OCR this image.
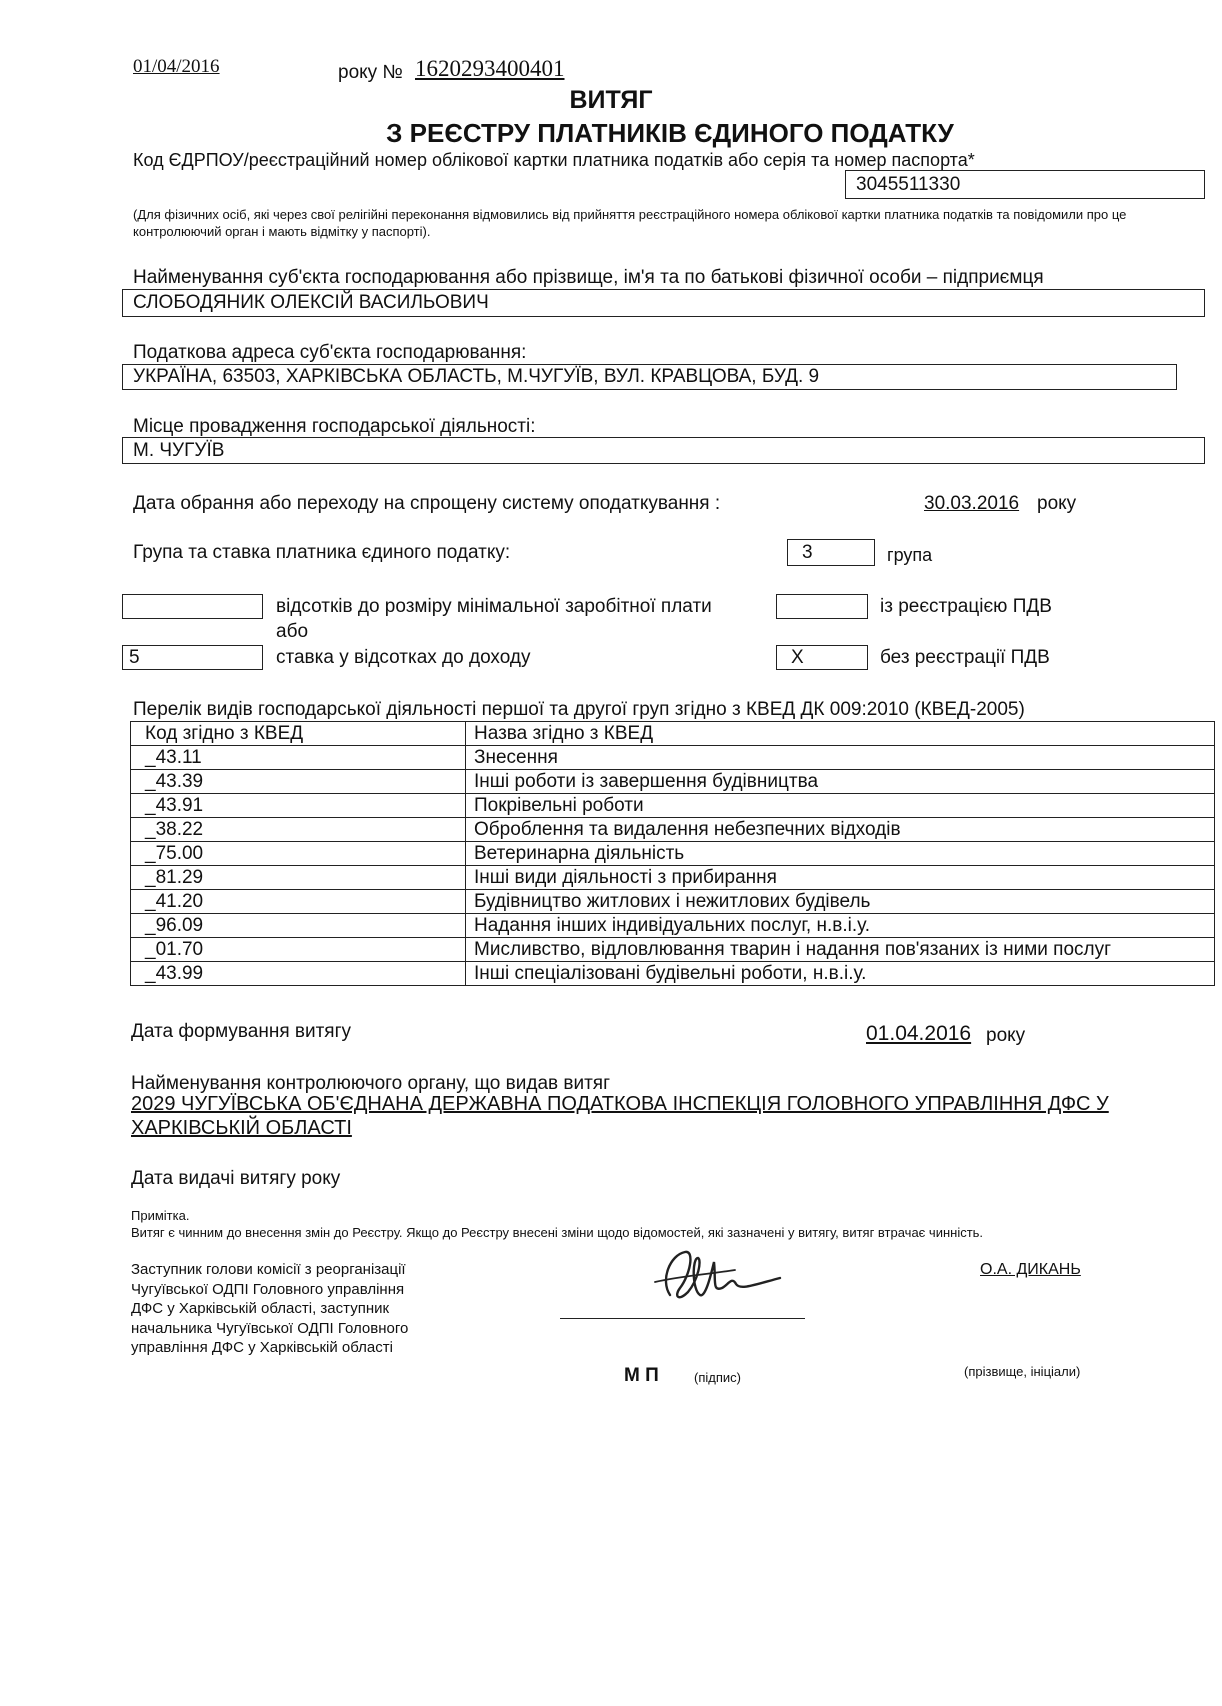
01/04/2016	року № 1620293400401
ВИТЯГ
З РЕЄСТРУ ПЛАТНИКІВ ЄДИНОГО ПОДАТКУ
Код ЄДРПОУ/реєстраційний номер облікової картки платника податків або серія та номер паспорта*
3045511330
(Для фізичних осіб, які через свої релігійні переконання відмовились від прийняття реєстраційного номера облікової картки платника податків та повідомили про це контролюючий орган і мають відмітку у паспорті).
Найменування суб'єкта господарювання або прізвище, ім'я та по батькові фізичної особи – підприємця
СЛОБОДЯНИК ОЛЕКСІЙ ВАСИЛЬОВИЧ
Податкова адреса суб'єкта господарювання:
УКРАЇНА, 63503, ХАРКІВСЬКА ОБЛАСТЬ, М.ЧУГУЇВ, ВУЛ. КРАВЦОВА, БУД. 9
Місце провадження господарської діяльності:
М. ЧУГУЇВ
Дата обрання або переходу на спрощену систему оподаткування :	30.03.2016 року
Група та ставка платника єдиного податку:	3	група
відсотків до розміру мінімальної заробітної плати
або
5	ставка у відсотках до доходу
із реєстрацією ПДВ
X	без реєстрації ПДВ
Перелік видів господарської діяльності першої та другої груп згідно з КВЕД ДК 009:2010 (КВЕД-2005)
Код згідно з КВЕД	Назва згідно з КВЕД
_43.11	Знесення
_43.39	Інші роботи із завершення будівництва
_43.91	Покрівельні роботи
_38.22	Оброблення та видалення небезпечних відходів
_75.00	Ветеринарна діяльність
_81.29	Інші види діяльності з прибирання
_41.20	Будівництво житлових і нежитлових будівель
_96.09	Надання інших індивідуальних послуг, н.в.і.у.
_01.70	Мисливство, відловлювання тварин і надання пов'язаних із ними послуг
_43.99	Інші спеціалізовані будівельні роботи, н.в.і.у.
Дата формування витягу	01.04.2016 року
Найменування контролюючого органу, що видав витяг
2029 ЧУГУЇВСЬКА ОБ'ЄДНАНА ДЕРЖАВНА ПОДАТКОВА ІНСПЕКЦІЯ ГОЛОВНОГО УПРАВЛІННЯ ДФС У
ХАРКІВСЬКІЙ ОБЛАСТІ
Дата видачі витягу року
Примітка.
Витяг є чинним до внесення змін до Реєстру. Якщо до Реєстру внесені зміни щодо відомостей, які зазначені у витягу, витяг втрачає чинність.
Заступник голови комісії з реорганізації
Чугуївської ОДПІ Головного управління
ДФС у Харківській області, заступник
начальника Чугуївської ОДПІ Головного
управління ДФС у Харківській області
О.А. ДИКАНЬ
М П	(підпис)	(прізвище, ініціали)
